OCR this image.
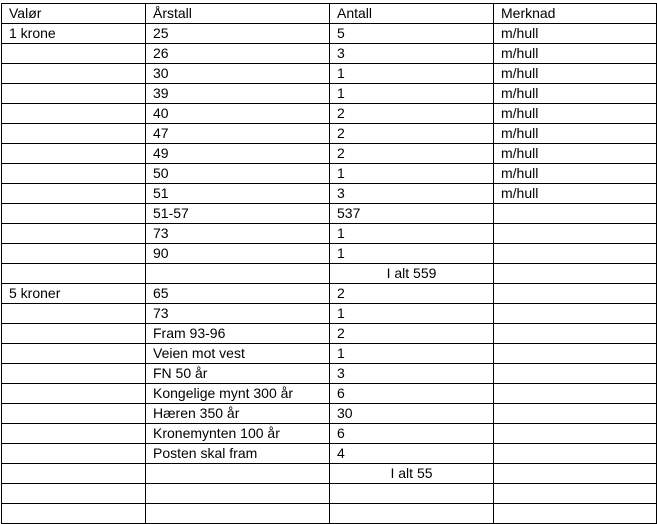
Valør	Årstall	Antall	Merknad
1 krone	25	5	m/hull
	26	3	m/hull
	30	1	m/hull
	39	1	m/hull
	40	2	m/hull
	47	2	m/hull
	49	2	m/hull
	50	1	m/hull
	51	3	m/hull
	51-57	537	
	73	1	
	90	1	
		I alt 559	
5 kroner	65	2	
	73	1	
	Fram 93-96	2	
	Veien mot vest	1	
	FN 50 år	3	
	Kongelige mynt 300 år	6	
	Hæren 350 år	30	
	Kronemynten 100 år	6	
	Posten skal fram	4	
		I alt 55	
